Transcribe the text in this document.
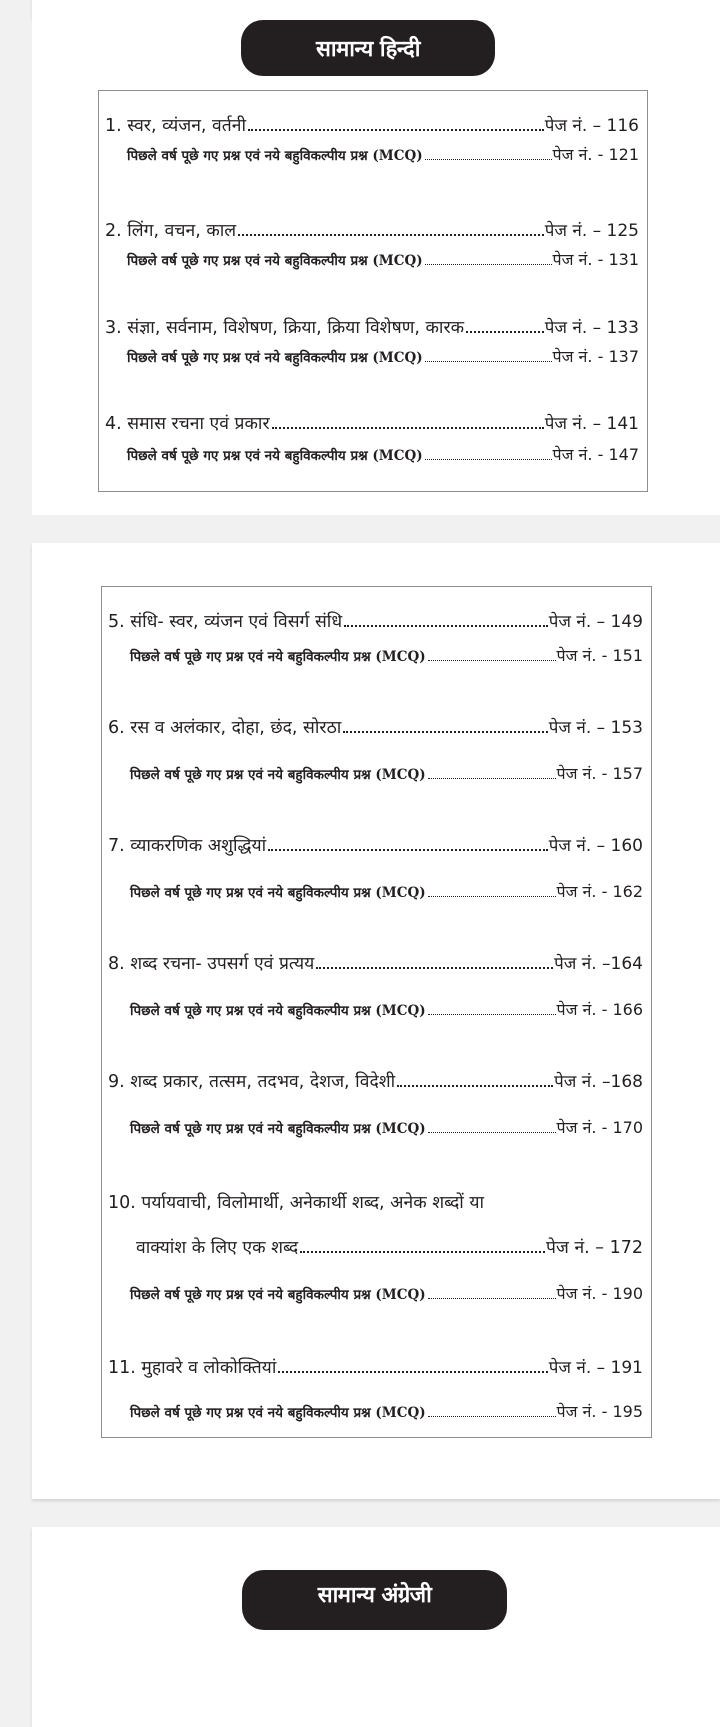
सामान्य हिन्दी
1. स्वर, व्यंजन, वर्तनी	पेज नं. – 116
पिछले वर्ष पूछे गए प्रश्न एवं नये बहुविकल्पीय प्रश्न (MCQ)	पेज नं. - 121
2. लिंग, वचन, काल	पेज नं. – 125
पिछले वर्ष पूछे गए प्रश्न एवं नये बहुविकल्पीय प्रश्न (MCQ)	पेज नं. - 131
3. संज्ञा, सर्वनाम, विशेषण, क्रिया, क्रिया विशेषण, कारक	पेज नं. – 133
पिछले वर्ष पूछे गए प्रश्न एवं नये बहुविकल्पीय प्रश्न (MCQ)	पेज नं. - 137
4. समास रचना एवं प्रकार	पेज नं. – 141
पिछले वर्ष पूछे गए प्रश्न एवं नये बहुविकल्पीय प्रश्न (MCQ)	पेज नं. - 147
5. संधि- स्वर, व्यंजन एवं विसर्ग संधि	पेज नं. – 149
पिछले वर्ष पूछे गए प्रश्न एवं नये बहुविकल्पीय प्रश्न (MCQ)	पेज नं. - 151
6. रस व अलंकार, दोहा, छंद, सोरठा	पेज नं. – 153
पिछले वर्ष पूछे गए प्रश्न एवं नये बहुविकल्पीय प्रश्न (MCQ)	पेज नं. - 157
7. व्याकरणिक अशुद्धियां	पेज नं. – 160
पिछले वर्ष पूछे गए प्रश्न एवं नये बहुविकल्पीय प्रश्न (MCQ)	पेज नं. - 162
8. शब्द रचना- उपसर्ग एवं प्रत्यय	पेज नं. –164
पिछले वर्ष पूछे गए प्रश्न एवं नये बहुविकल्पीय प्रश्न (MCQ)	पेज नं. - 166
9. शब्द प्रकार, तत्सम, तदभव, देशज, विदेशी	पेज नं. –168
पिछले वर्ष पूछे गए प्रश्न एवं नये बहुविकल्पीय प्रश्न (MCQ)	पेज नं. - 170
10. पर्यायवाची, विलोमार्थी, अनेकार्थी शब्द, अनेक शब्दों या
वाक्यांश के लिए एक शब्द	पेज नं. – 172
पिछले वर्ष पूछे गए प्रश्न एवं नये बहुविकल्पीय प्रश्न (MCQ)	पेज नं. - 190
11. मुहावरे व लोकोक्तियां	पेज नं. – 191
पिछले वर्ष पूछे गए प्रश्न एवं नये बहुविकल्पीय प्रश्न (MCQ)	पेज नं. - 195
सामान्य अंग्रेजी
